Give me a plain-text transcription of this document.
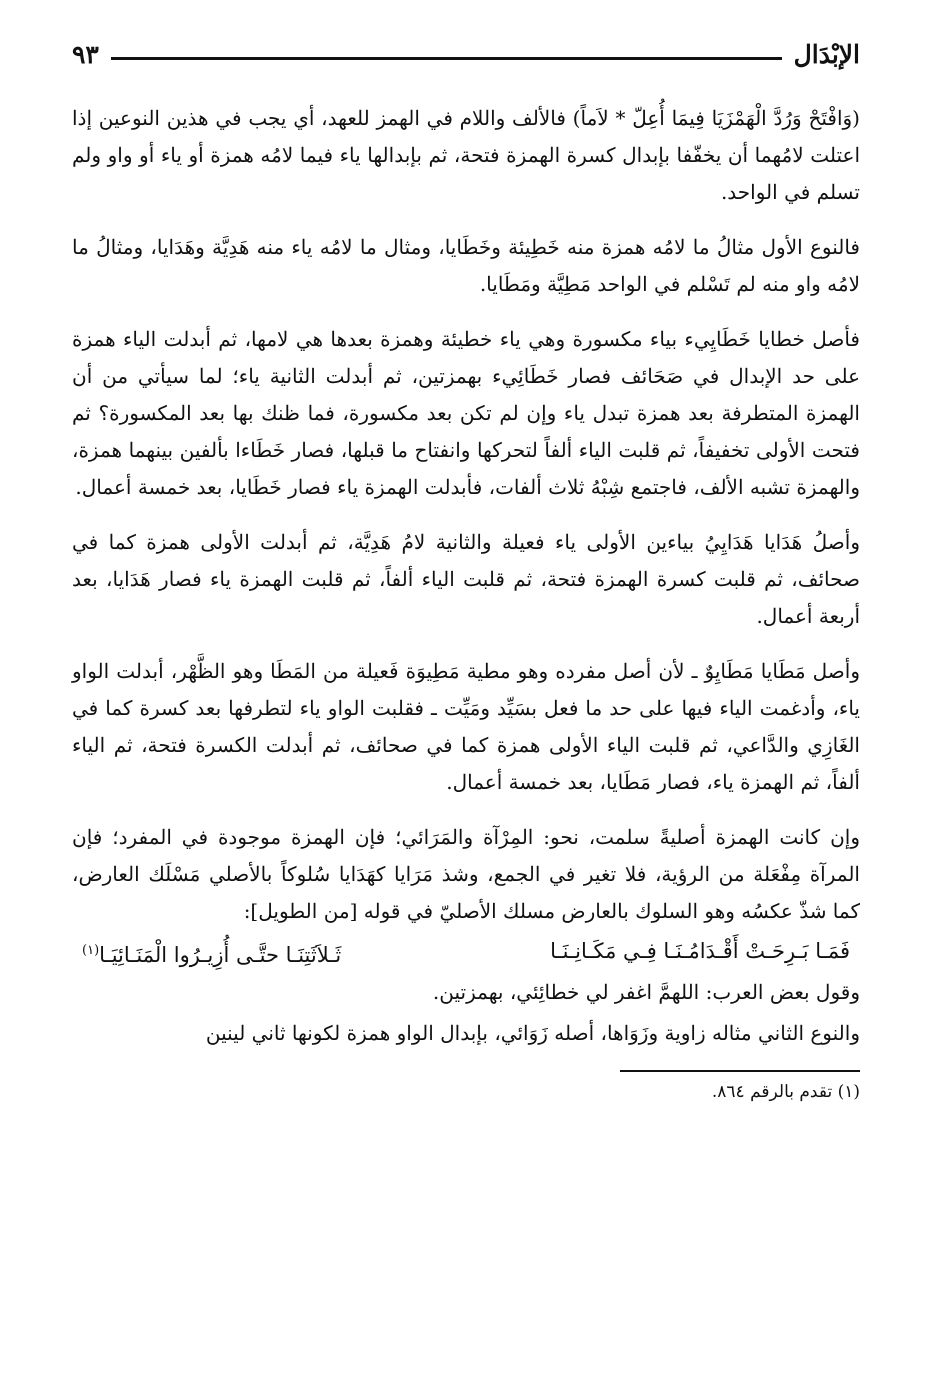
الإبْدَال
٩٣

(وَافْتَحْ وَرُدَّ الْهَمْزَيَا فِيمَا أُعِلّ * لاَماً) فالألف واللام في الهمز للعهد، أي يجب في هذين النوعين إذا اعتلت لامُهما أن يخفّفا بإبدال كسرة الهمزة فتحة، ثم بإبدالها ياء فيما لامُه همزة أو ياء أو واو ولم تسلم في الواحد.

فالنوع الأول مثالُ ما لامُه همزة منه خَطِيئة وخَطَايا، ومثال ما لامُه ياء منه هَدِيَّة وهَدَايا، ومثالُ ما لامُه واو منه لم تَسْلم في الواحد مَطِيَّة ومَطَايا.

فأصل خطايا خَطَايِيء بياء مكسورة وهي ياء خطيئة وهمزة بعدها هي لامها، ثم أبدلت الياء همزة على حد الإبدال في صَحَائف فصار خَطَائِيء بهمزتين، ثم أبدلت الثانية ياء؛ لما سيأتي من أن الهمزة المتطرفة بعد همزة تبدل ياء وإن لم تكن بعد مكسورة، فما ظنك بها بعد المكسورة؟ ثم فتحت الأولى تخفيفاً، ثم قلبت الياء ألفاً لتحركها وانفتاح ما قبلها، فصار خَطَاءا بألفين بينهما همزة، والهمزة تشبه الألف، فاجتمع شِبْهُ ثلاث ألفات، فأبدلت الهمزة ياء فصار خَطَايا، بعد خمسة أعمال.

وأصلُ هَدَايا هَدَايِيُ بياءين الأولى ياء فعيلة والثانية لامُ هَدِيَّة، ثم أبدلت الأولى همزة كما في صحائف، ثم قلبت كسرة الهمزة فتحة، ثم قلبت الياء ألفاً، ثم قلبت الهمزة ياء فصار هَدَايا، بعد أربعة أعمال.

وأصل مَطَايا مَطَايِوٌ ـ لأن أصل مفرده وهو مطية مَطِيوَة فَعيلة من المَطَا وهو الظَّهْر، أبدلت الواو ياء، وأدغمت الياء فيها على حد ما فعل بسَيِّد ومَيِّت ـ فقلبت الواو ياء لتطرفها بعد كسرة كما في الغَازِي والدَّاعي، ثم قلبت الياء الأولى همزة كما في صحائف، ثم أبدلت الكسرة فتحة، ثم الياء ألفاً، ثم الهمزة ياء، فصار مَطَايا، بعد خمسة أعمال.

وإن كانت الهمزة أصليةً سلمت، نحو: المِرْآة والمَرَائي؛ فإن الهمزة موجودة في المفرد؛ فإن المرآة مِفْعَلة من الرؤية، فلا تغير في الجمع، وشذ مَرَايا كهَدَايا سُلوكاً بالأصلي مَسْلَك العارض، كما شذّ عكسُه وهو السلوك بالعارض مسلك الأصليّ في قوله [من الطويل]:

فَمَـا بَـرِحَـتْ أَقْـدَامُـنَـا فِـي مَكَـانِـنَـا
ثَـلاَثَتِنَـا حتَّـى أُزِيـرُوا الْمَنَـائِيَـا$^{(١)}$

وقول بعض العرب: اللهمَّ اغفر لي خطائِئي، بهمزتين.

والنوع الثاني مثاله زاوية وزَوَاها، أصله زَوَائي، بإبدال الواو همزة لكونها ثاني لينين

(١) تقدم بالرقم ٨٦٤.
